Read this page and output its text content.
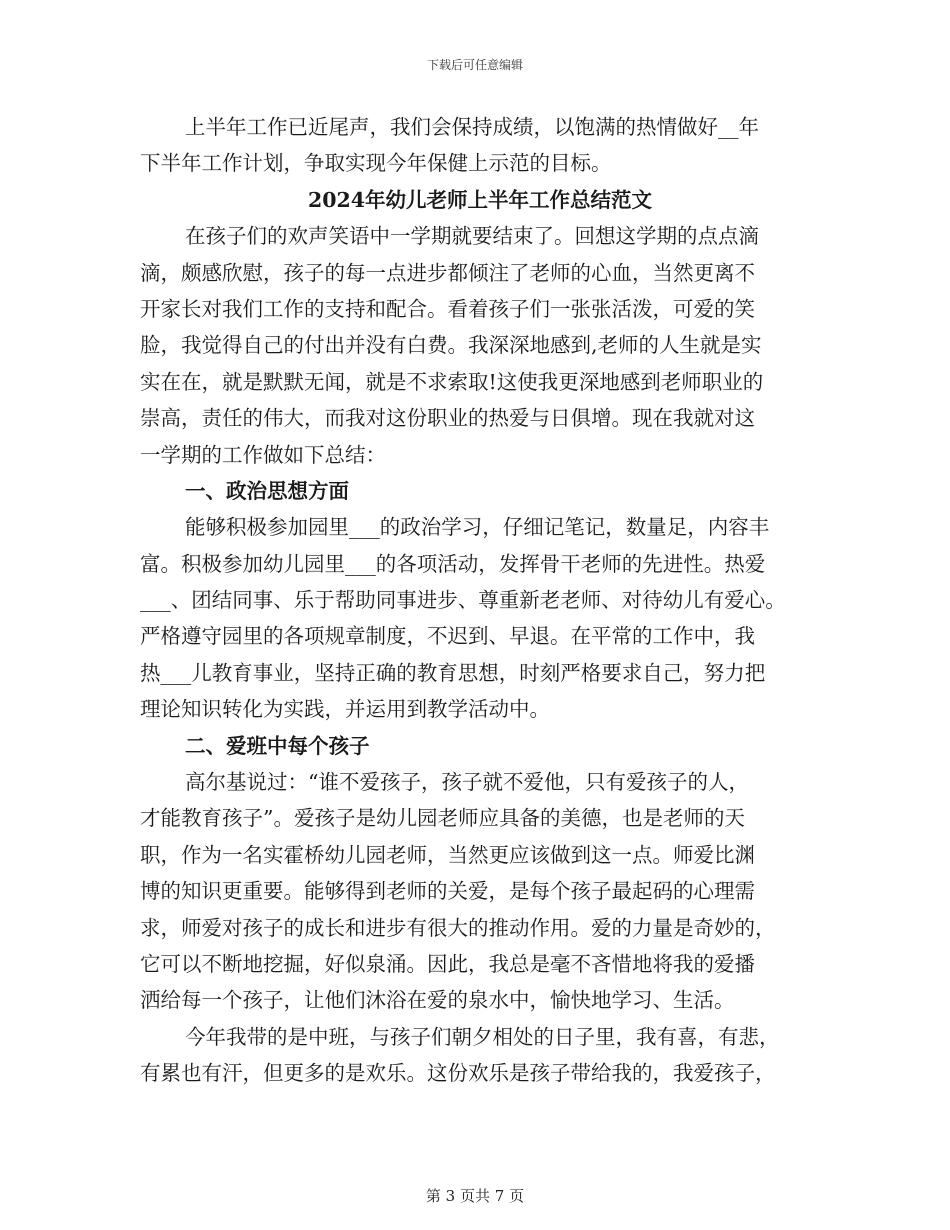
下载后可任意编辑
上半年工作已近尾声，我们会保持成绩，以饱满的热情做好__年
下半年工作计划，争取实现今年保健上示范的目标。
2024年幼儿老师上半年工作总结范文
在孩子们的欢声笑语中一学期就要结束了。回想这学期的点点滴
滴，颇感欣慰，孩子的每一点进步都倾注了老师的心血，当然更离不
开家长对我们工作的支持和配合。看着孩子们一张张活泼，可爱的笑
脸，我觉得自己的付出并没有白费。我深深地感到,老师的人生就是实
实在在，就是默默无闻，就是不求索取!这使我更深地感到老师职业的
崇高，责任的伟大，而我对这份职业的热爱与日俱增。现在我就对这
一学期的工作做如下总结：
一、政治思想方面
能够积极参加园里___的政治学习，仔细记笔记，数量足，内容丰
富。积极参加幼儿园里___的各项活动，发挥骨干老师的先进性。热爱
___、团结同事、乐于帮助同事进步、尊重新老老师、对待幼儿有爱心。
严格遵守园里的各项规章制度，不迟到、早退。在平常的工作中，我
热___儿教育事业，坚持正确的教育思想，时刻严格要求自己，努力把
理论知识转化为实践，并运用到教学活动中。
二、爱班中每个孩子
高尔基说过：“谁不爱孩子，孩子就不爱他，只有爱孩子的人，
才能教育孩子”。爱孩子是幼儿园老师应具备的美德，也是老师的天
职，作为一名实霍桥幼儿园老师，当然更应该做到这一点。师爱比渊
博的知识更重要。能够得到老师的关爱，是每个孩子最起码的心理需
求，师爱对孩子的成长和进步有很大的推动作用。爱的力量是奇妙的，
它可以不断地挖掘，好似泉涌。因此，我总是毫不吝惜地将我的爱播
洒给每一个孩子，让他们沐浴在爱的泉水中，愉快地学习、生活。
今年我带的是中班，与孩子们朝夕相处的日子里，我有喜，有悲，
有累也有汗，但更多的是欢乐。这份欢乐是孩子带给我的，我爱孩子，
第 3 页共 7 页
